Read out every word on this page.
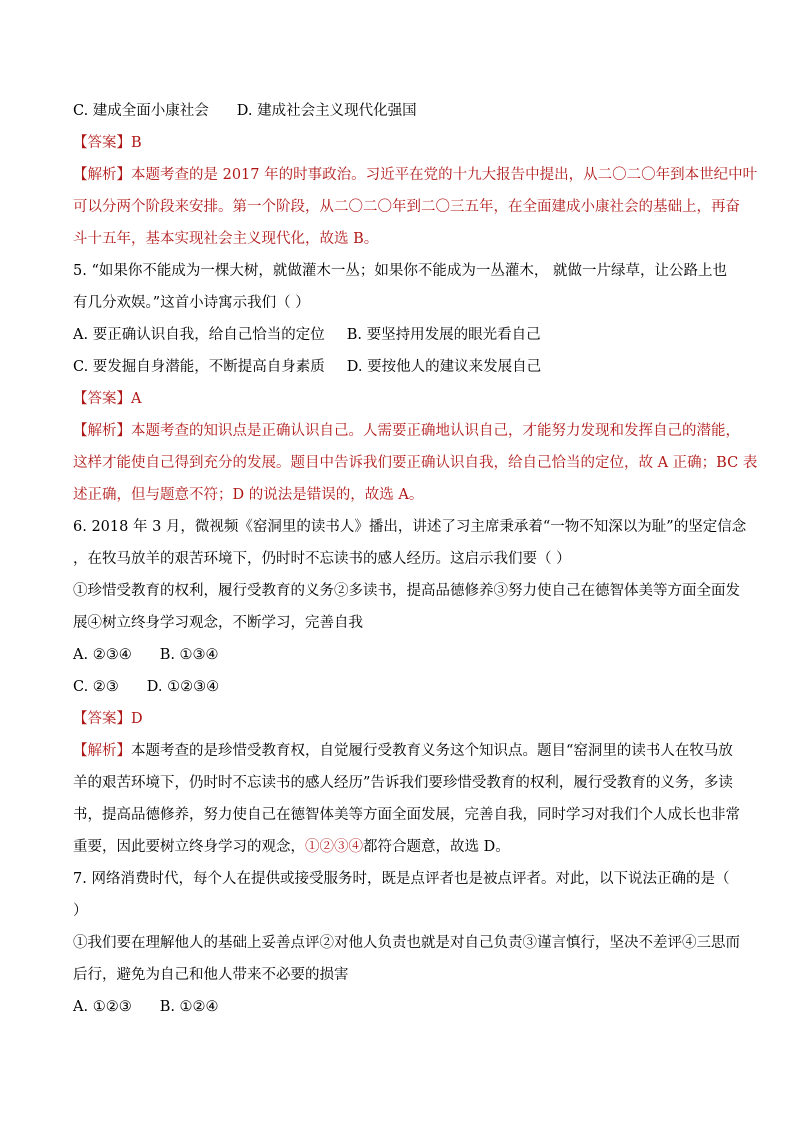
C. 建成全面小康社会 D. 建成社会主义现代化强国
【答案】B
【解析】本题考查的是 2017 年的时事政治。习近平在党的十九大报告中提出，从二〇二〇年到本世纪中叶
可以分两个阶段来安排。第一个阶段，从二〇二〇年到二〇三五年，在全面建成小康社会的基础上，再奋
斗十五年，基本实现社会主义现代化，故选 B。
5. “如果你不能成为一棵大树，就做灌木一丛；如果你不能成为一丛灌木， 就做一片绿草，让公路上也
有几分欢娱。”这首小诗寓示我们（ ）
A. 要正确认识自我，给自己恰当的定位 B. 要坚持用发展的眼光看自己
C. 要发掘自身潜能，不断提高自身素质 D. 要按他人的建议来发展自己
【答案】A
【解析】本题考查的知识点是正确认识自己。人需要正确地认识自己，才能努力发现和发挥自己的潜能，
这样才能使自己得到充分的发展。题目中告诉我们要正确认识自我，给自己恰当的定位，故 A 正确；BC 表
述正确，但与题意不符；D 的说法是错误的，故选 A。
6. 2018 年 3 月，微视频《窑洞里的读书人》播出，讲述了习主席秉承着“一物不知深以为耻”的坚定信念
，在牧马放羊的艰苦环境下，仍时时不忘读书的感人经历。这启示我们要（ ）
①珍惜受教育的权利，履行受教育的义务②多读书，提高品德修养③努力使自己在德智体美等方面全面发
展④树立终身学习观念，不断学习，完善自我
A. ②③④ B. ①③④
C. ②③ D. ①②③④
【答案】D
【解析】本题考查的是珍惜受教育权，自觉履行受教育义务这个知识点。题目“窑洞里的读书人在牧马放
羊的艰苦环境下，仍时时不忘读书的感人经历”告诉我们要珍惜受教育的权利，履行受教育的义务，多读
书，提高品德修养，努力使自己在德智体美等方面全面发展，完善自我，同时学习对我们个人成长也非常
重要，因此要树立终身学习的观念，①②③④都符合题意，故选 D。
7. 网络消费时代，每个人在提供或接受服务时，既是点评者也是被点评者。对此，以下说法正确的是（
）
①我们要在理解他人的基础上妥善点评②对他人负责也就是对自己负责③谨言慎行，坚决不差评④三思而
后行，避免为自己和他人带来不必要的损害
A. ①②③ B. ①②④
